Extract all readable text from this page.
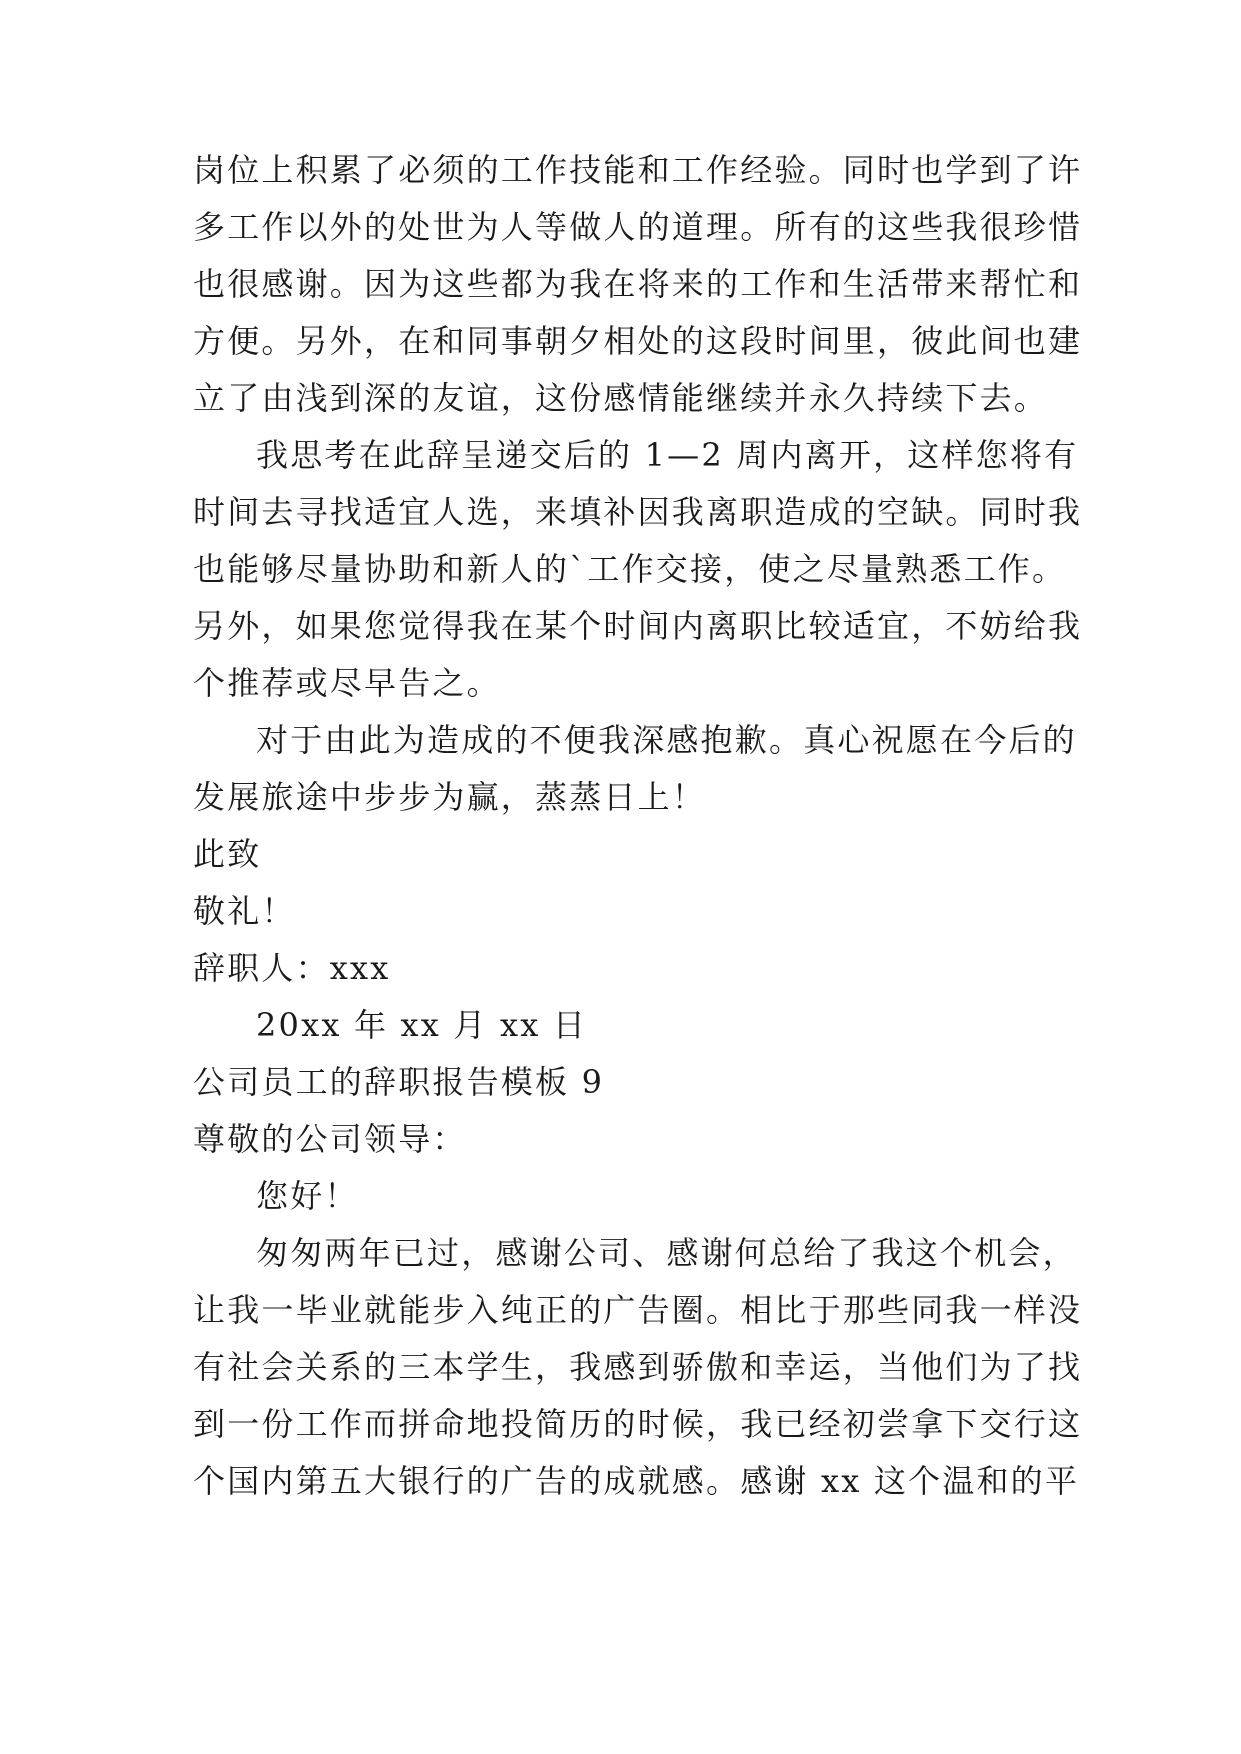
岗位上积累了必须的工作技能和工作经验。同时也学到了许
多工作以外的处世为人等做人的道理。所有的这些我很珍惜
也很感谢。因为这些都为我在将来的工作和生活带来帮忙和
方便。另外，在和同事朝夕相处的这段时间里，彼此间也建
立了由浅到深的友谊，这份感情能继续并永久持续下去。
我思考在此辞呈递交后的 1—2 周内离开，这样您将有
时间去寻找适宜人选，来填补因我离职造成的空缺。同时我
也能够尽量协助和新人的`工作交接，使之尽量熟悉工作。
另外，如果您觉得我在某个时间内离职比较适宜，不妨给我
个推荐或尽早告之。
对于由此为造成的不便我深感抱歉。真心祝愿在今后的
发展旅途中步步为赢，蒸蒸日上！
此致
敬礼！
辞职人：xxx
20xx 年 xx 月 xx 日
公司员工的辞职报告模板 9
尊敬的公司领导：
您好！
匆匆两年已过，感谢公司、感谢何总给了我这个机会，
让我一毕业就能步入纯正的广告圈。相比于那些同我一样没
有社会关系的三本学生，我感到骄傲和幸运，当他们为了找
到一份工作而拼命地投简历的时候，我已经初尝拿下交行这
个国内第五大银行的广告的成就感。感谢 xx 这个温和的平
